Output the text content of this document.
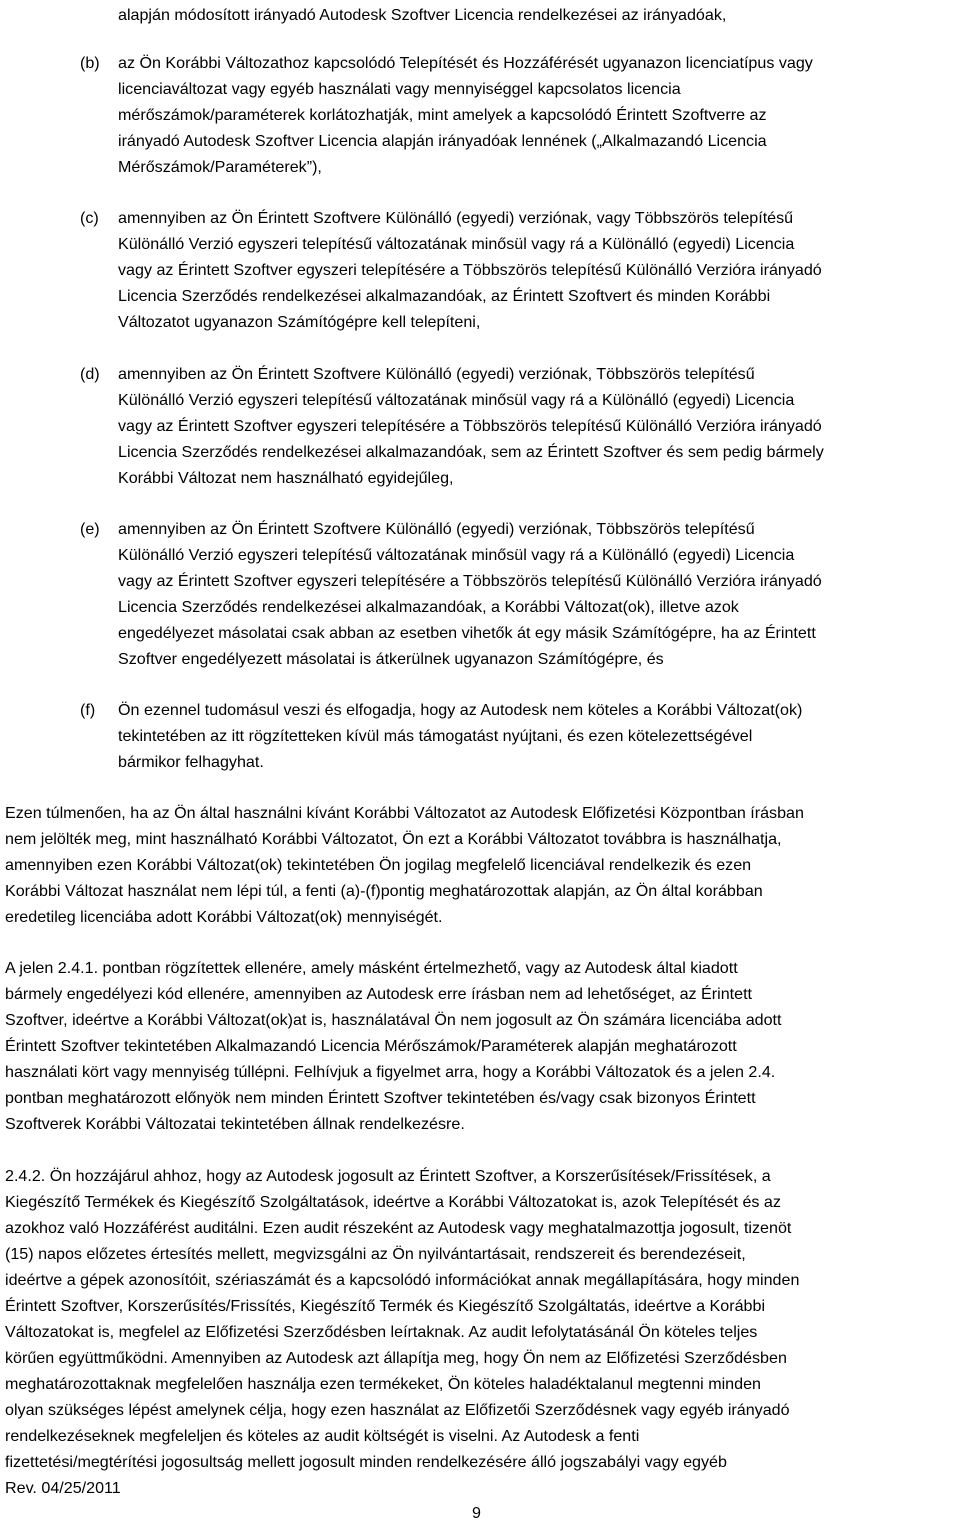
alapján módosított irányadó Autodesk Szoftver Licencia rendelkezései az irányadóak,
(b) az Ön Korábbi Változathoz kapcsolódó Telepítését és Hozzáférését ugyanazon licenciatípus vagy
licenciaváltozat vagy egyéb használati vagy mennyiséggel kapcsolatos licencia
mérőszámok/paraméterek korlátozhatják, mint amelyek a kapcsolódó Érintett Szoftverre az
irányadó Autodesk Szoftver Licencia alapján irányadóak lennének („Alkalmazandó Licencia
Mérőszámok/Paraméterek”),
(c) amennyiben az Ön Érintett Szoftvere Különálló (egyedi) verziónak, vagy Többszörös telepítésű
Különálló Verzió egyszeri telepítésű változatának minősül vagy rá a Különálló (egyedi) Licencia
vagy az Érintett Szoftver egyszeri telepítésére a Többszörös telepítésű Különálló Verzióra irányadó
Licencia Szerződés rendelkezései alkalmazandóak, az Érintett Szoftvert és minden Korábbi
Változatot ugyanazon Számítógépre kell telepíteni,
(d) amennyiben az Ön Érintett Szoftvere Különálló (egyedi) verziónak, Többszörös telepítésű
Különálló Verzió egyszeri telepítésű változatának minősül vagy rá a Különálló (egyedi) Licencia
vagy az Érintett Szoftver egyszeri telepítésére a Többszörös telepítésű Különálló Verzióra irányadó
Licencia Szerződés rendelkezései alkalmazandóak, sem az Érintett Szoftver és sem pedig bármely
Korábbi Változat nem használható egyidejűleg,
(e) amennyiben az Ön Érintett Szoftvere Különálló (egyedi) verziónak, Többszörös telepítésű
Különálló Verzió egyszeri telepítésű változatának minősül vagy rá a Különálló (egyedi) Licencia
vagy az Érintett Szoftver egyszeri telepítésére a Többszörös telepítésű Különálló Verzióra irányadó
Licencia Szerződés rendelkezései alkalmazandóak, a Korábbi Változat(ok), illetve azok
engedélyezet másolatai csak abban az esetben vihetők át egy másik Számítógépre, ha az Érintett
Szoftver engedélyezett másolatai is átkerülnek ugyanazon Számítógépre, és
(f) Ön ezennel tudomásul veszi és elfogadja, hogy az Autodesk nem köteles a Korábbi Változat(ok)
tekintetében az itt rögzítetteken kívül más támogatást nyújtani, és ezen kötelezettségével
bármikor felhagyhat.
Ezen túlmenően, ha az Ön által használni kívánt Korábbi Változatot az Autodesk Előfizetési Központban írásban
nem jelölték meg, mint használható Korábbi Változatot, Ön ezt a Korábbi Változatot továbbra is használhatja,
amennyiben ezen Korábbi Változat(ok) tekintetében Ön jogilag megfelelő licenciával rendelkezik és ezen
Korábbi Változat használat nem lépi túl, a fenti (a)-(f)pontig meghatározottak alapján, az Ön által korábban
eredetileg licenciába adott Korábbi Változat(ok) mennyiségét.
A jelen 2.4.1. pontban rögzítettek ellenére, amely másként értelmezhető, vagy az Autodesk által kiadott
bármely engedélyezi kód ellenére, amennyiben az Autodesk erre írásban nem ad lehetőséget, az Érintett
Szoftver, ideértve a Korábbi Változat(ok)at is, használatával Ön nem jogosult az Ön számára licenciába adott
Érintett Szoftver tekintetében Alkalmazandó Licencia Mérőszámok/Paraméterek alapján meghatározott
használati kört vagy mennyiség túllépni. Felhívjuk a figyelmet arra, hogy a Korábbi Változatok és a jelen 2.4.
pontban meghatározott előnyök nem minden Érintett Szoftver tekintetében és/vagy csak bizonyos Érintett
Szoftverek Korábbi Változatai tekintetében állnak rendelkezésre.
2.4.2. Ön hozzájárul ahhoz, hogy az Autodesk jogosult az Érintett Szoftver, a Korszerűsítések/Frissítések, a
Kiegészítő Termékek és Kiegészítő Szolgáltatások, ideértve a Korábbi Változatokat is, azok Telepítését és az
azokhoz való Hozzáférést auditálni. Ezen audit részeként az Autodesk vagy meghatalmazottja jogosult, tizenöt
(15) napos előzetes értesítés mellett, megvizsgálni az Ön nyilvántartásait, rendszereit és berendezéseit,
ideértve a gépek azonosítóit, szériaszámát és a kapcsolódó információkat annak megállapítására, hogy minden
Érintett Szoftver, Korszerűsítés/Frissítés, Kiegészítő Termék és Kiegészítő Szolgáltatás, ideértve a Korábbi
Változatokat is, megfelel az Előfizetési Szerződésben leírtaknak. Az audit lefolytatásánál Ön köteles teljes
körűen együttműködni. Amennyiben az Autodesk azt állapítja meg, hogy Ön nem az Előfizetési Szerződésben
meghatározottaknak megfelelően használja ezen termékeket, Ön köteles haladéktalanul megtenni minden
olyan szükséges lépést amelynek célja, hogy ezen használat az Előfizetői Szerződésnek vagy egyéb irányadó
rendelkezéseknek megfeleljen és köteles az audit költségét is viselni. Az Autodesk a fenti
fizettetési/megtérítési jogosultság mellett jogosult minden rendelkezésére álló jogszabályi vagy egyéb
Rev. 04/25/2011
9
